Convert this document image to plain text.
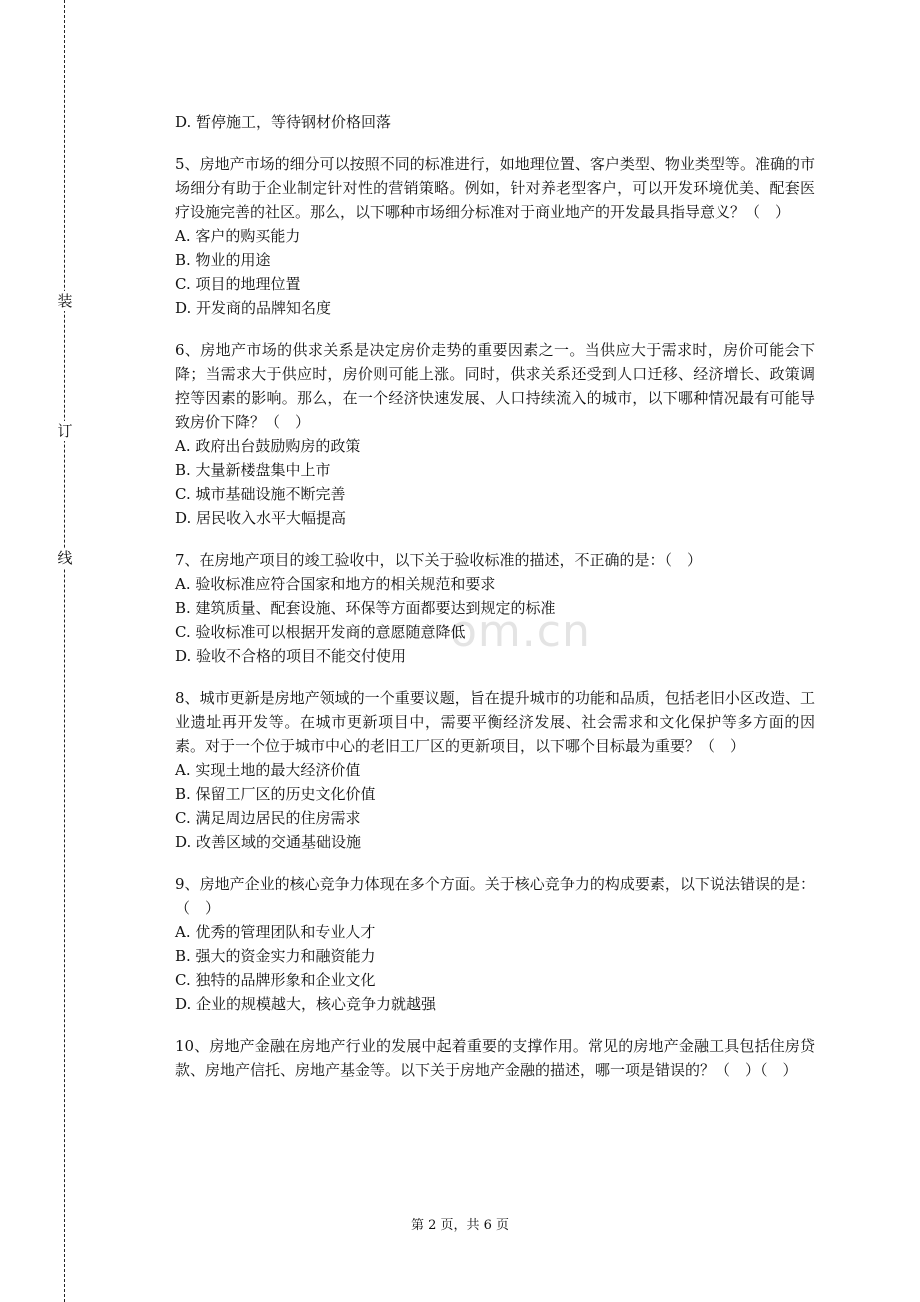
装
订
线
om.cn
D. 暂停施工，等待钢材价格回落
5、房地产市场的细分可以按照不同的标准进行，如地理位置、客户类型、物业类型等。准确的市场细分有助于企业制定针对性的营销策略。例如，针对养老型客户，可以开发环境优美、配套医疗设施完善的社区。那么，以下哪种市场细分标准对于商业地产的开发最具指导意义？（　）
A. 客户的购买能力
B. 物业的用途
C. 项目的地理位置
D. 开发商的品牌知名度
6、房地产市场的供求关系是决定房价走势的重要因素之一。当供应大于需求时，房价可能会下降；当需求大于供应时，房价则可能上涨。同时，供求关系还受到人口迁移、经济增长、政策调控等因素的影响。那么，在一个经济快速发展、人口持续流入的城市，以下哪种情况最有可能导致房价下降？（　）
A. 政府出台鼓励购房的政策
B. 大量新楼盘集中上市
C. 城市基础设施不断完善
D. 居民收入水平大幅提高
7、在房地产项目的竣工验收中，以下关于验收标准的描述，不正确的是：（　）
A. 验收标准应符合国家和地方的相关规范和要求
B. 建筑质量、配套设施、环保等方面都要达到规定的标准
C. 验收标准可以根据开发商的意愿随意降低
D. 验收不合格的项目不能交付使用
8、城市更新是房地产领域的一个重要议题，旨在提升城市的功能和品质，包括老旧小区改造、工业遗址再开发等。在城市更新项目中，需要平衡经济发展、社会需求和文化保护等多方面的因素。对于一个位于城市中心的老旧工厂区的更新项目，以下哪个目标最为重要？（　）
A. 实现土地的最大经济价值
B. 保留工厂区的历史文化价值
C. 满足周边居民的住房需求
D. 改善区域的交通基础设施
9、房地产企业的核心竞争力体现在多个方面。关于核心竞争力的构成要素，以下说法错误的是：（　）
A. 优秀的管理团队和专业人才
B. 强大的资金实力和融资能力
C. 独特的品牌形象和企业文化
D. 企业的规模越大，核心竞争力就越强
10、房地产金融在房地产行业的发展中起着重要的支撑作用。常见的房地产金融工具包括住房贷款、房地产信托、房地产基金等。以下关于房地产金融的描述，哪一项是错误的？（　）（　）
第 2 页，共 6 页
